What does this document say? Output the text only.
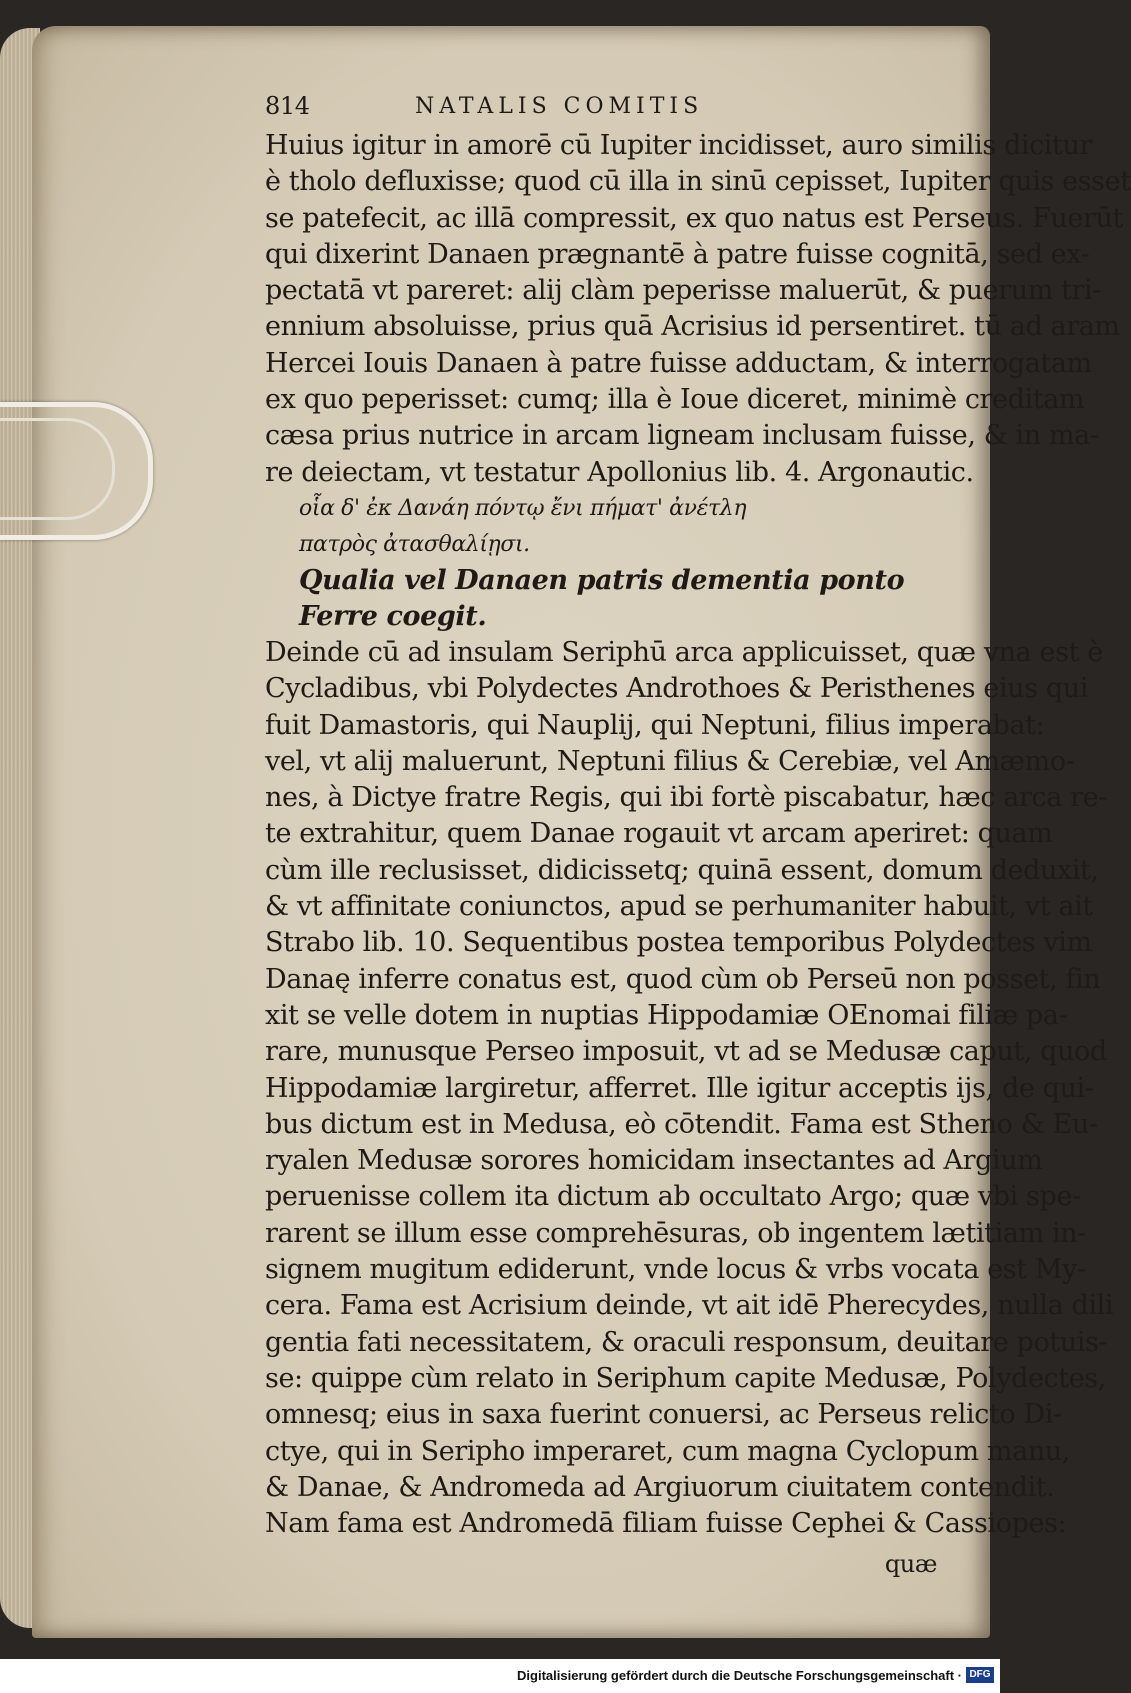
814	NATALIS COMITIS
Huius igitur in amorē cū Iupiter incidisset, auro similis dicitur
è tholo defluxisse; quod cū illa in sinū cepisset, Iupiter quis esset
se patefecit, ac illā compressit, ex quo natus est Perseus. Fuerūt
qui dixerint Danaen prægnantē à patre fuisse cognitā, sed ex-
pectatā vt pareret: alij clàm peperisse maluerūt, & puerum tri-
ennium absoluisse, prius quā Acrisius id persentiret. tū ad aram
Hercei Iouis Danaen à patre fuisse adductam, & interrogatam
ex quo peperisset: cumq; illa è Ioue diceret, minimè creditam
cæsa prius nutrice in arcam ligneam inclusam fuisse, & in ma-
re deiectam, vt testatur Apollonius lib. 4. Argonautic.
οἷα δ' ἐκ Δανάη πόντῳ ἔνι πήματ' ἀνέτλη
πατρὸς ἀτασθαλίῃσι.
Qualia vel Danaen patris dementia ponto
Ferre coegit.
Deinde cū ad insulam Seriphū arca applicuisset, quæ vna est è
Cycladibus, vbi Polydectes Androthoes & Peristhenes eius qui
fuit Damastoris, qui Nauplij, qui Neptuni, filius imperabat:
vel, vt alij maluerunt, Neptuni filius & Cerebiæ, vel Amæmo-
nes, à Dictye fratre Regis, qui ibi fortè piscabatur, hæc arca re-
te extrahitur, quem Danae rogauit vt arcam aperiret: quam
cùm ille reclusisset, didicissetq; quinā essent, domum deduxit,
& vt affinitate coniunctos, apud se perhumaniter habuit, vt ait
Strabo lib. 10. Sequentibus postea temporibus Polydectes vim
Danaę inferre conatus est, quod cùm ob Perseū non posset, fin
xit se velle dotem in nuptias Hippodamiæ OEnomai filiæ pa-
rare, munusque Perseo imposuit, vt ad se Medusæ caput, quod
Hippodamiæ largiretur, afferret. Ille igitur acceptis ijs, de qui-
bus dictum est in Medusa, eò cōtendit. Fama est Stheno & Eu-
ryalen Medusæ sorores homicidam insectantes ad Argium
peruenisse collem ita dictum ab occultato Argo; quæ vbi spe-
rarent se illum esse comprehēsuras, ob ingentem lætitiam in-
signem mugitum ediderunt, vnde locus & vrbs vocata est My-
cera. Fama est Acrisium deinde, vt ait idē Pherecydes, nulla dili
gentia fati necessitatem, & oraculi responsum, deuitare potuis-
se: quippe cùm relato in Seriphum capite Medusæ, Polydectes,
omnesq; eius in saxa fuerint conuersi, ac Perseus relicto Di-
ctye, qui in Seripho imperaret, cum magna Cyclopum manu,
& Danae, & Andromeda ad Argiuorum ciuitatem contendit.
Nam fama est Andromedā filiam fuisse Cephei & Cassiopes:
quæ
Digitalisierung gefördert durch die Deutsche Forschungsgemeinschaft · DFG
